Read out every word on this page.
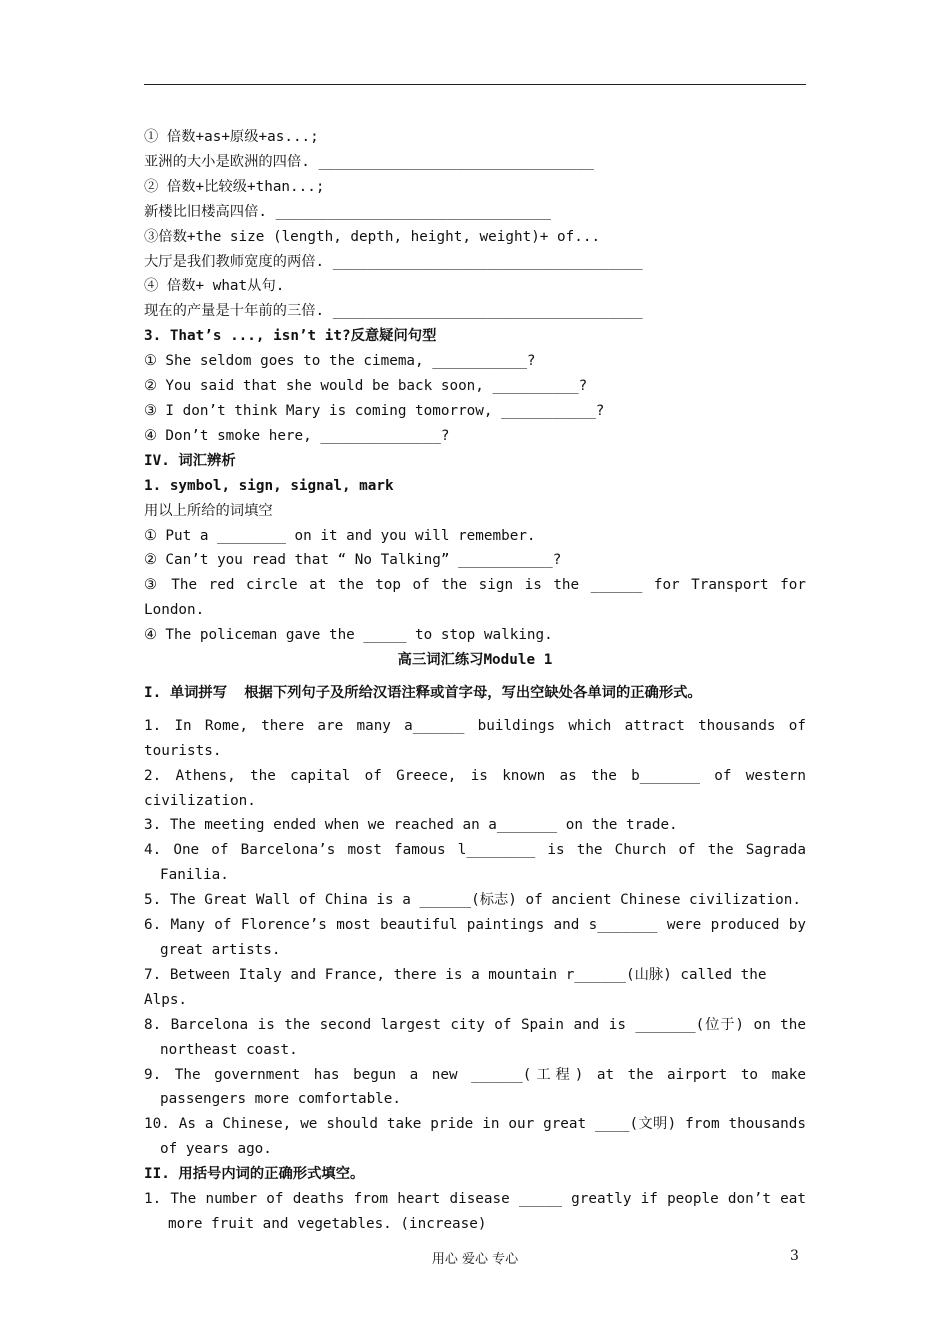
① 倍数+as+原级+as...;
亚洲的大小是欧洲的四倍. ________________________________
② 倍数+比较级+than...;
新楼比旧楼高四倍. ________________________________
③倍数+the size (length, depth, height, weight)+ of...
大厅是我们教师宽度的两倍. ____________________________________
④ 倍数+ what从句.
现在的产量是十年前的三倍. ____________________________________
3. That’s ..., isn’t it?反意疑问句型
① She seldom goes to the cimema, ___________?
② You said that she would be back soon, __________?
③ I don’t think Mary is coming tomorrow, ___________?
④ Don’t smoke here, ______________?
IV. 词汇辨析
1. symbol, sign, signal, mark
用以上所给的词填空
① Put a ________ on it and you will remember.
② Can’t you read that “ No Talking” ___________?
③ The red circle at the top of the sign is the ______ for Transport for
London.
④ The policeman gave the _____ to stop walking.
高三词汇练习Module 1
I. 单词拼写  根据下列句子及所给汉语注释或首字母，写出空缺处各单词的正确形式。
1. In Rome, there are many a______ buildings which attract thousands of
tourists.
2. Athens, the capital of Greece, is known as the b_______ of western
civilization.
3. The meeting ended when we reached an a_______ on the trade.
4. One of Barcelona’s most famous l________ is the Church of the Sagrada
Fanilia.
5. The Great Wall of China is a ______(标志) of ancient Chinese civilization.
6. Many of Florence’s most beautiful paintings and s_______ were produced by
great artists.
7. Between Italy and France, there is a mountain r______(山脉) called the Alps.
8. Barcelona is the second largest city of Spain and is _______(位于) on the
northeast coast.
9. The government has begun a new ______(工程) at the airport to make
passengers more comfortable.
10. As a Chinese, we should take pride in our great ____(文明) from thousands
of years ago.
II. 用括号内词的正确形式填空。
1. The number of deaths from heart disease _____ greatly if people don’t eat
more fruit and vegetables. (increase)
用心 爱心 专心	3
